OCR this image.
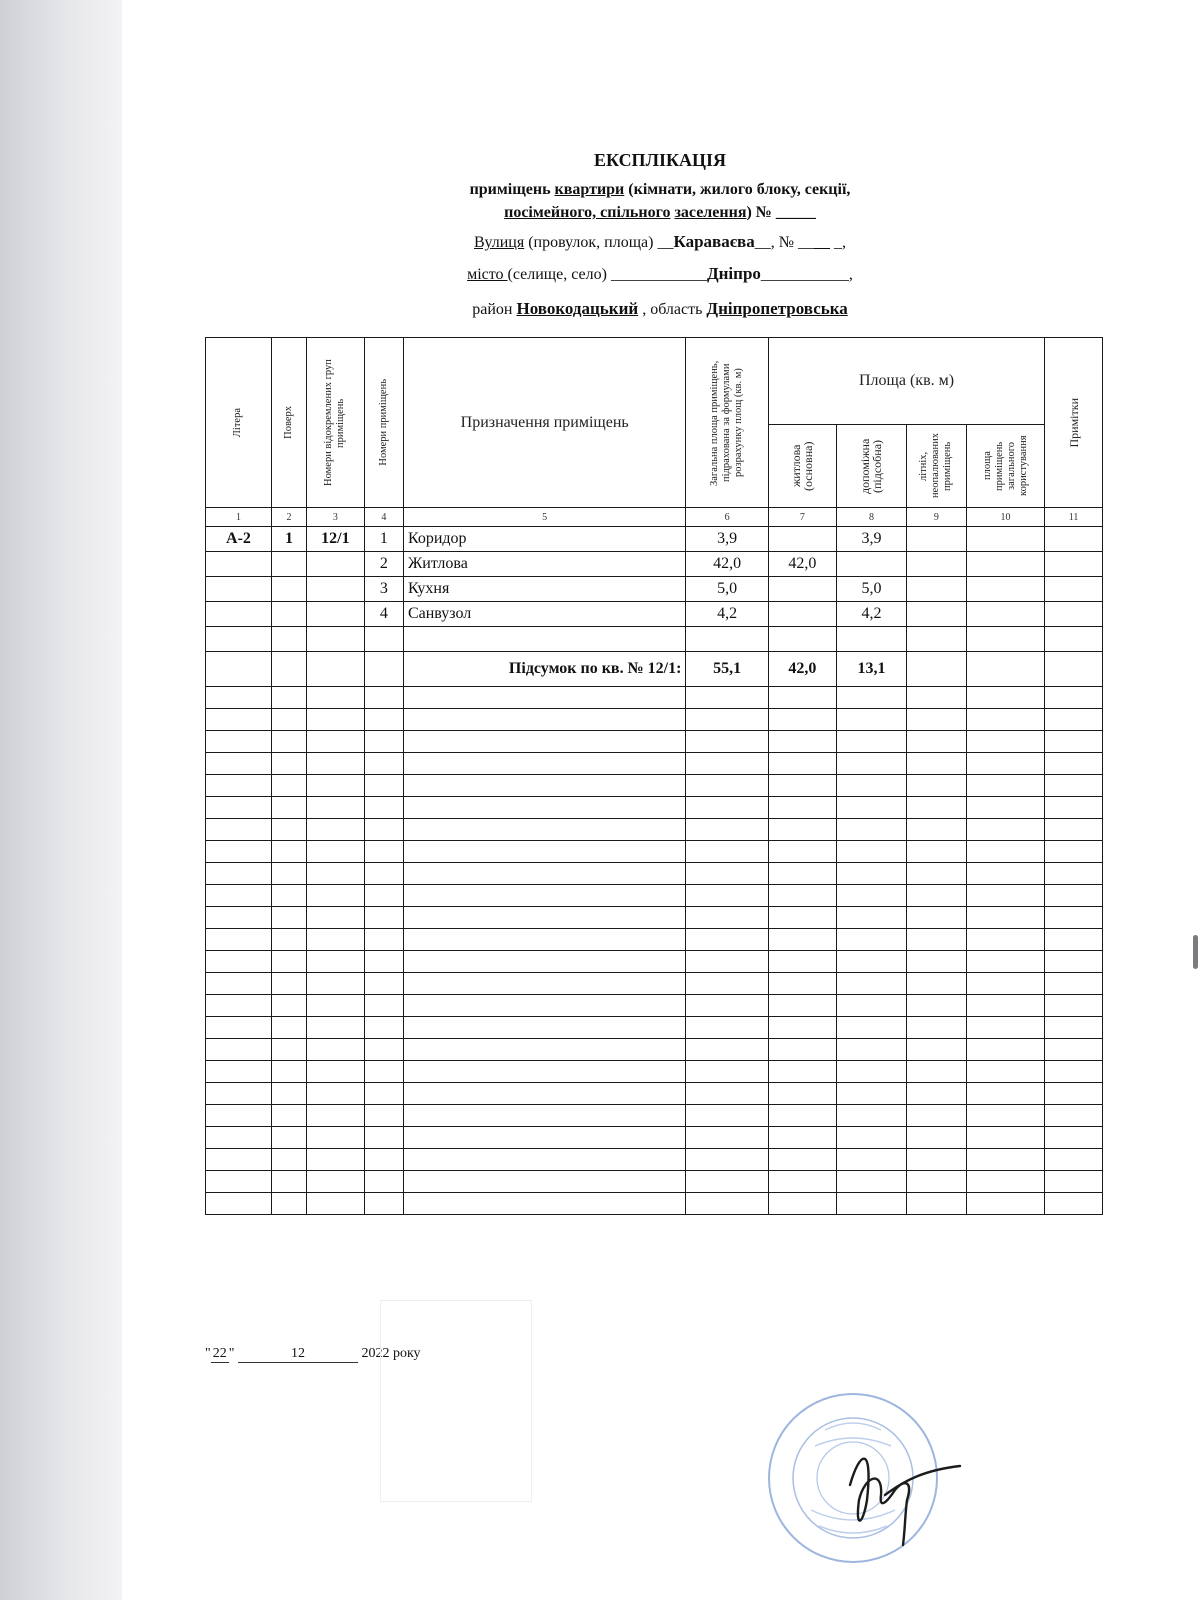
ЕКСПЛІКАЦІЯ
приміщень квартири (кімнати, жилого блоку, секції,
посімейного, спільного заселення) № _____
Вулиця (провулок, площа) __Караваєва__, № ____ _,
місто (селище, село) ____________Дніпро___________,
район Новокодацький , область Дніпропетровська
Літера	Поверх	Номери відокремлених груп приміщень	Номери приміщень	Призначення приміщень	Загальна площа приміщень, підрахована за формулами розрахунку площ (кв. м)	Площа (кв. м)				Примітки

						житлова (основна)	допоміжна (підсобна)	літніх, неопалюваних приміщень	площа приміщень загального користування	

1	2	3	4	5	6	7	8	9	10	11
А-2	1	12/1	1	Коридор	3,9		3,9			
			2	Житлова	42,0	42,0				
			3	Кухня	5,0		5,0			
			4	Санвузол	4,2		4,2			

				Підсумок по кв. № 12/1:	55,1	42,0	13,1			

" 22 "	12	2022 року
